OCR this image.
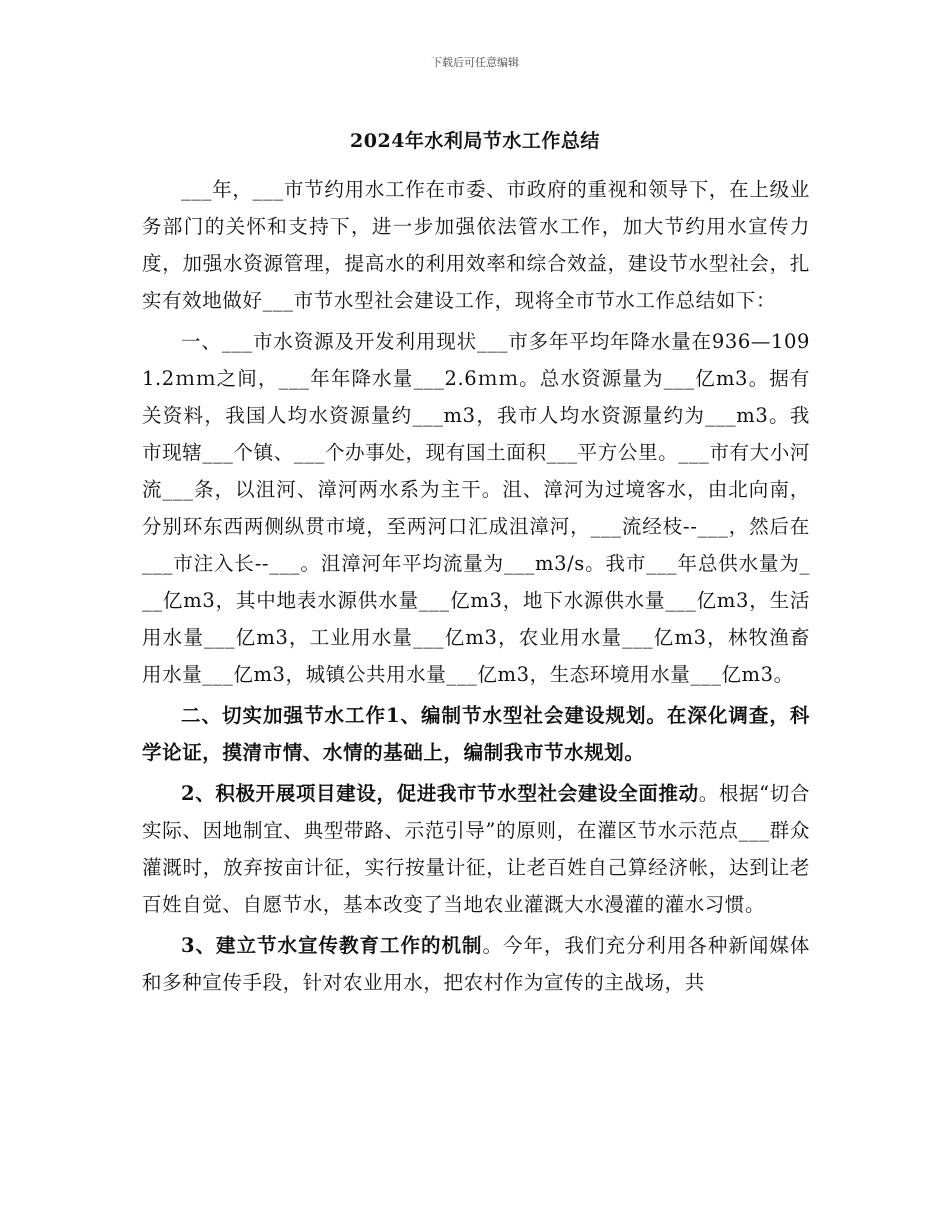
下载后可任意编辑
2024年水利局节水工作总结

___年，___市节约用水工作在市委、市政府的重视和领导下，在上级业务部门的关怀和支持下，进一步加强依法管水工作，加大节约用水宣传力度，加强水资源管理，提高水的利用效率和综合效益，建设节水型社会，扎实有效地做好___市节水型社会建设工作，现将全市节水工作总结如下：

一、___市水资源及开发利用现状___市多年平均年降水量在936—1091.2ｍｍ之间，___年年降水量___2.6ｍｍ。总水资源量为___亿m3。据有关资料，我国人均水资源量约___m3，我市人均水资源量约为___m3。我市现辖___个镇、___个办事处，现有国土面积___平方公里。___市有大小河流___条，以沮河、漳河两水系为主干。沮、漳河为过境客水，由北向南，分别环东西两侧纵贯市境，至两河口汇成沮漳河，___流经枝--___，然后在___市注入长--___。沮漳河年平均流量为___m3/s。我市___年总供水量为___亿m3，其中地表水源供水量___亿m3，地下水源供水量___亿m3，生活用水量___亿m3，工业用水量___亿m3，农业用水量___亿m3，林牧渔畜用水量___亿m3，城镇公共用水量___亿m3，生态环境用水量___亿m3。

二、切实加强节水工作1、编制节水型社会建设规划。在深化调查，科学论证，摸清市情、水情的基础上，编制我市节水规划。

2、积极开展项目建设，促进我市节水型社会建设全面推动。根据“切合实际、因地制宜、典型带路、示范引导”的原则，在灌区节水示范点___群众灌溉时，放弃按亩计征，实行按量计征，让老百姓自己算经济帐，达到让老百姓自觉、自愿节水，基本改变了当地农业灌溉大水漫灌的灌水习惯。

3、建立节水宣传教育工作的机制。今年，我们充分利用各种新闻媒体和多种宣传手段，针对农业用水，把农村作为宣传的主战场，共
